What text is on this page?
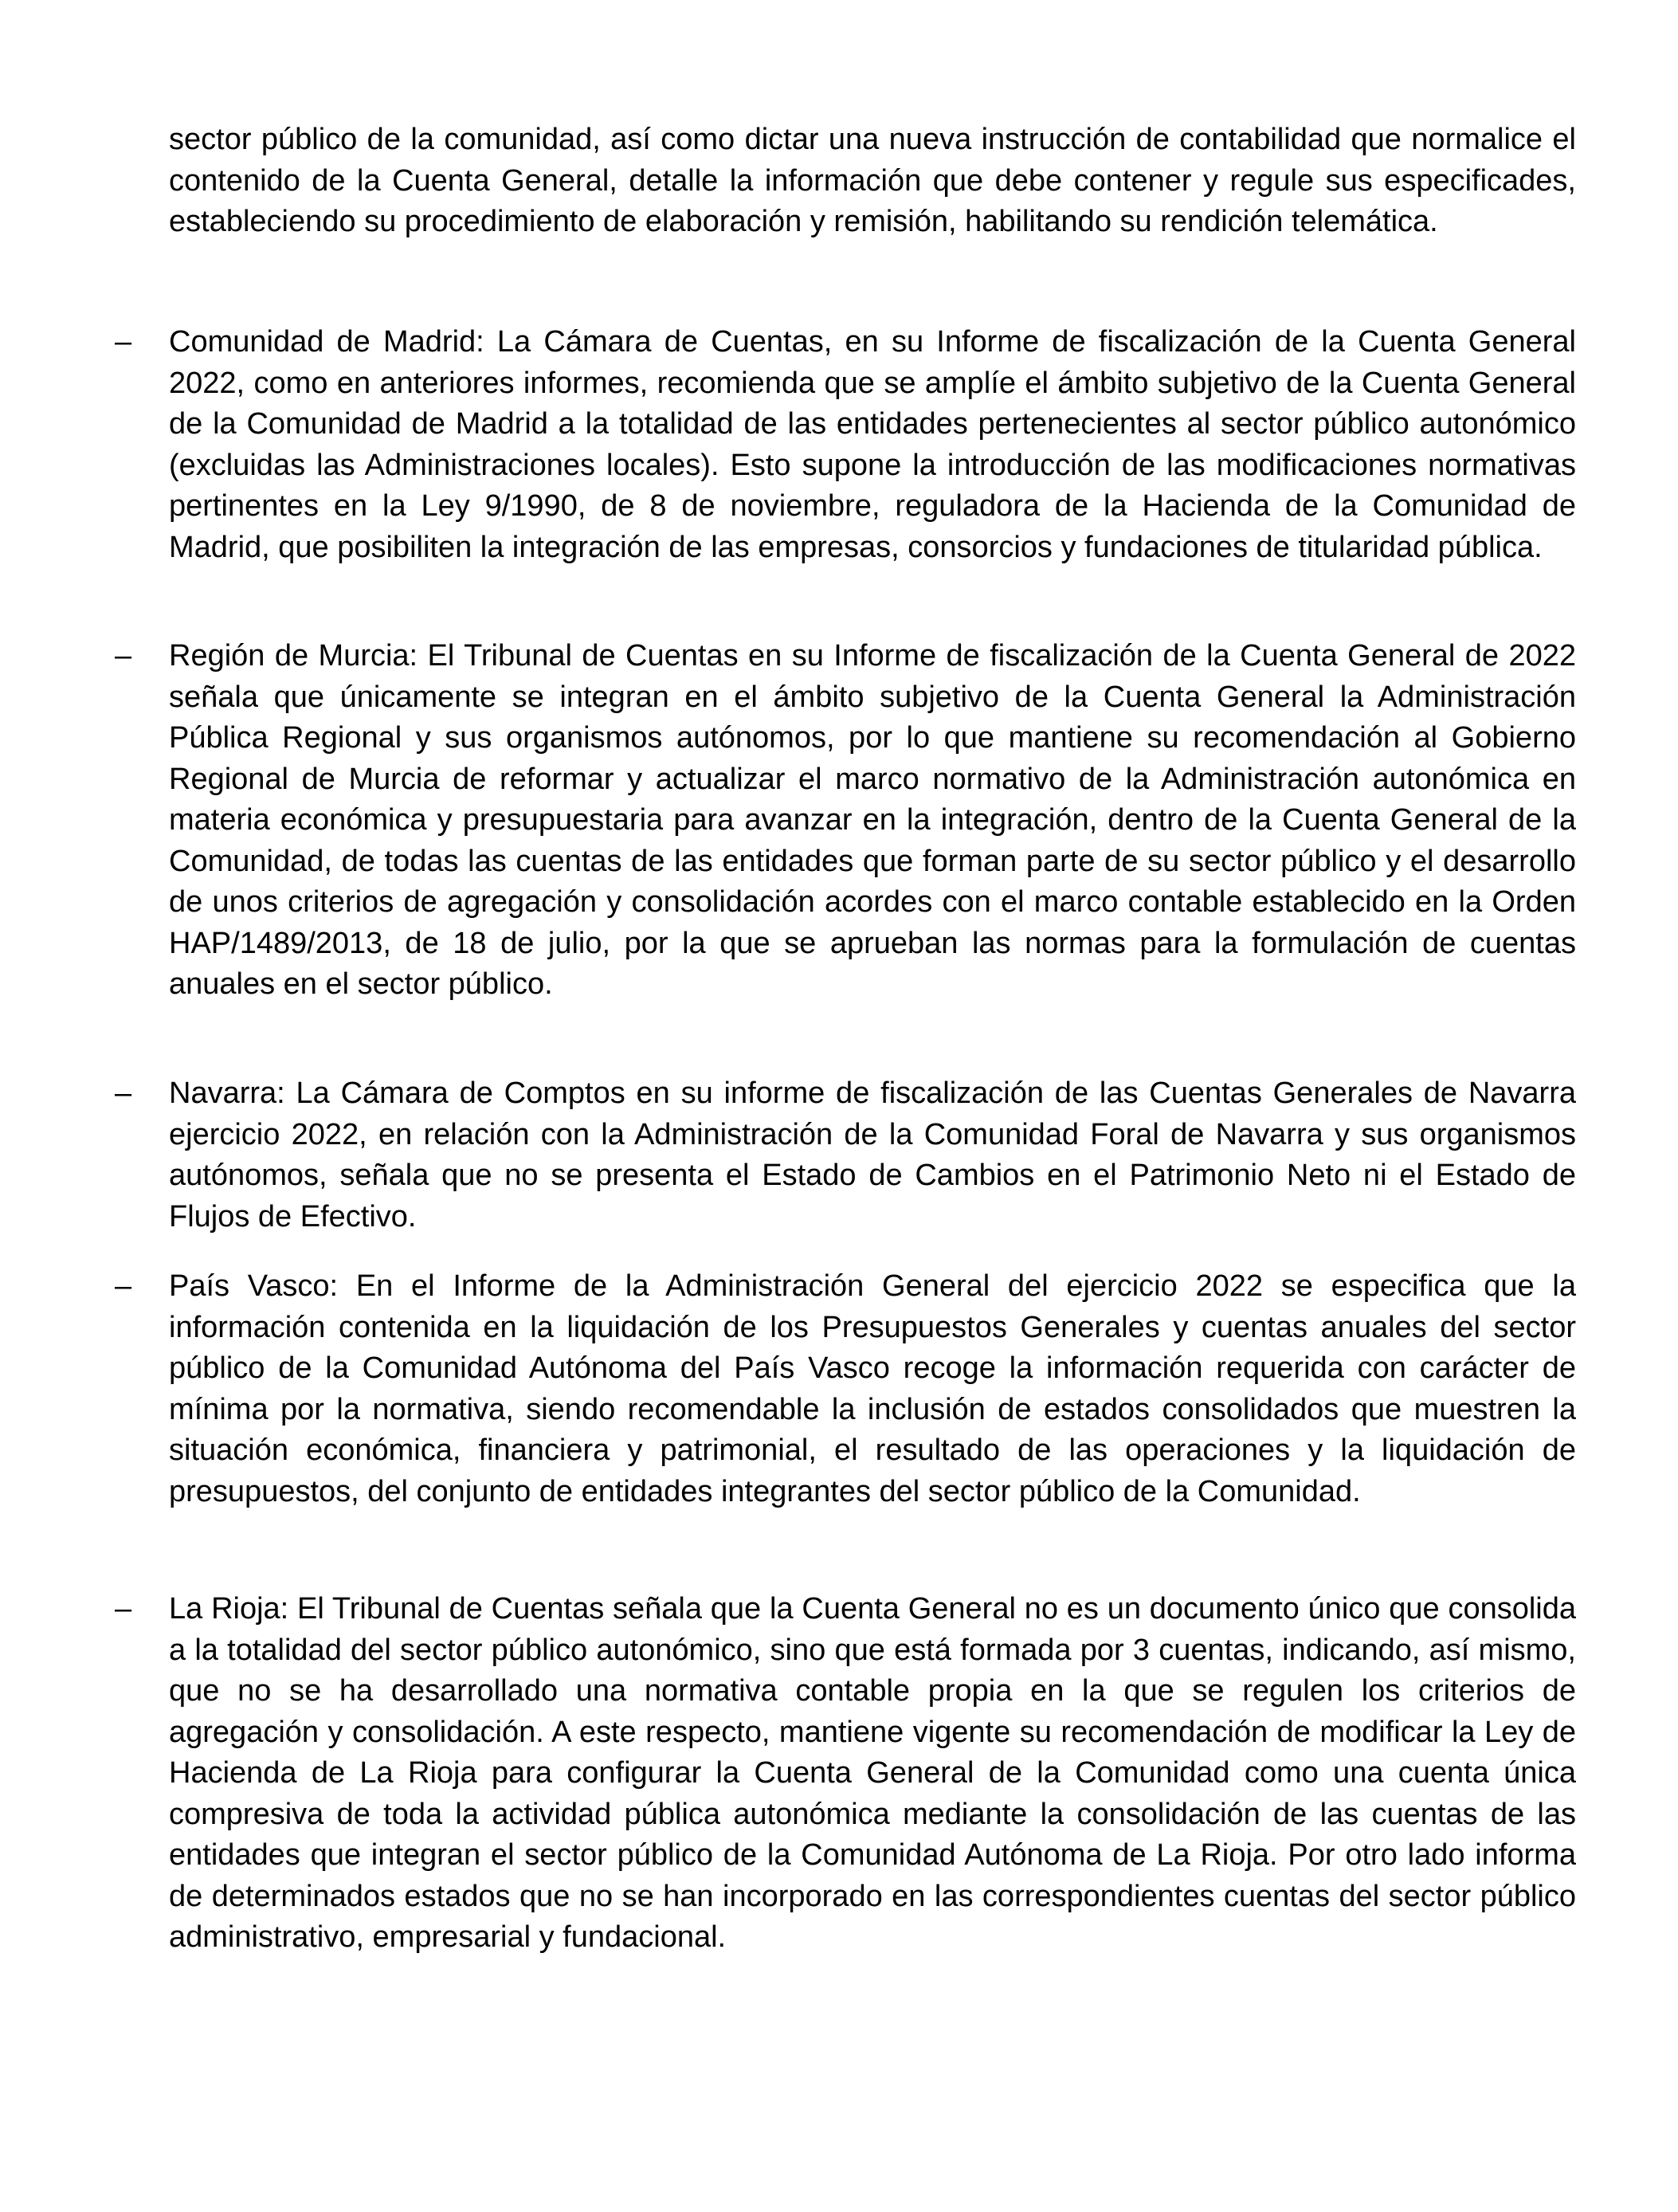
sector público de la comunidad, así como dictar una nueva instrucción de contabilidad que normalice el contenido de la Cuenta General, detalle la información que debe contener y regule sus especificades, estableciendo su procedimiento de elaboración y remisión, habilitando su rendición telemática.
– Comunidad de Madrid: La Cámara de Cuentas, en su Informe de fiscalización de la Cuenta General 2022, como en anteriores informes, recomienda que se amplíe el ámbito subjetivo de la Cuenta General de la Comunidad de Madrid a la totalidad de las entidades pertenecientes al sector público autonómico (excluidas las Administraciones locales). Esto supone la introducción de las modificaciones normativas pertinentes en la Ley 9/1990, de 8 de noviembre, reguladora de la Hacienda de la Comunidad de Madrid, que posibiliten la integración de las empresas, consorcios y fundaciones de titularidad pública.
– Región de Murcia: El Tribunal de Cuentas en su Informe de fiscalización de la Cuenta General de 2022 señala que únicamente se integran en el ámbito subjetivo de la Cuenta General la Administración Pública Regional y sus organismos autónomos, por lo que mantiene su recomendación al Gobierno Regional de Murcia de reformar y actualizar el marco normativo de la Administración autonómica en materia económica y presupuestaria para avanzar en la integración, dentro de la Cuenta General de la Comunidad, de todas las cuentas de las entidades que forman parte de su sector público y el desarrollo de unos criterios de agregación y consolidación acordes con el marco contable establecido en la Orden HAP/1489/2013, de 18 de julio, por la que se aprueban las normas para la formulación de cuentas anuales en el sector público.
– Navarra: La Cámara de Comptos en su informe de fiscalización de las Cuentas Generales de Navarra ejercicio 2022, en relación con la Administración de la Comunidad Foral de Navarra y sus organismos autónomos, señala que no se presenta el Estado de Cambios en el Patrimonio Neto ni el Estado de Flujos de Efectivo.
– País Vasco: En el Informe de la Administración General del ejercicio 2022 se especifica que la información contenida en la liquidación de los Presupuestos Generales y cuentas anuales del sector público de la Comunidad Autónoma del País Vasco recoge la información requerida con carácter de mínima por la normativa, siendo recomendable la inclusión de estados consolidados que muestren la situación económica, financiera y patrimonial, el resultado de las operaciones y la liquidación de presupuestos, del conjunto de entidades integrantes del sector público de la Comunidad.
– La Rioja: El Tribunal de Cuentas señala que la Cuenta General no es un documento único que consolida a la totalidad del sector público autonómico, sino que está formada por 3 cuentas, indicando, así mismo, que no se ha desarrollado una normativa contable propia en la que se regulen los criterios de agregación y consolidación. A este respecto, mantiene vigente su recomendación de modificar la Ley de Hacienda de La Rioja para configurar la Cuenta General de la Comunidad como una cuenta única compresiva de toda la actividad pública autonómica mediante la consolidación de las cuentas de las entidades que integran el sector público de la Comunidad Autónoma de La Rioja. Por otro lado informa de determinados estados que no se han incorporado en las correspondientes cuentas del sector público administrativo, empresarial y fundacional.
